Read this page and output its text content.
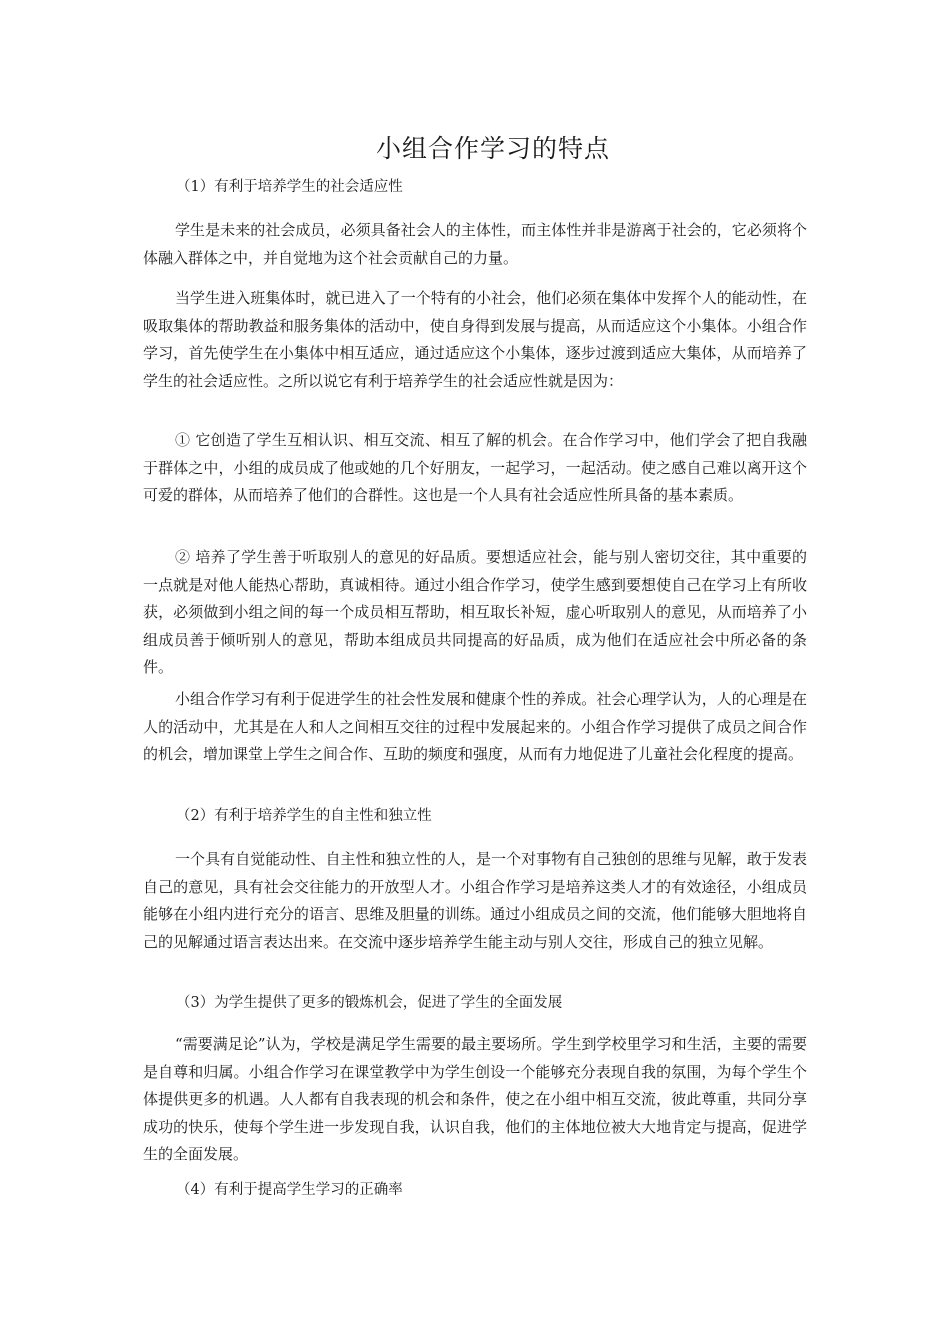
小组合作学习的特点

（1）有利于培养学生的社会适应性

学生是未来的社会成员，必须具备社会人的主体性，而主体性并非是游离于社会的，它必须将个体融入群体之中，并自觉地为这个社会贡献自己的力量。

当学生进入班集体时，就已进入了一个特有的小社会，他们必须在集体中发挥个人的能动性，在吸取集体的帮助教益和服务集体的活动中，使自身得到发展与提高，从而适应这个小集体。小组合作学习，首先使学生在小集体中相互适应，通过适应这个小集体，逐步过渡到适应大集体，从而培养了学生的社会适应性。之所以说它有利于培养学生的社会适应性就是因为：

① 它创造了学生互相认识、相互交流、相互了解的机会。在合作学习中，他们学会了把自我融于群体之中，小组的成员成了他或她的几个好朋友，一起学习，一起活动。使之感自己难以离开这个可爱的群体，从而培养了他们的合群性。这也是一个人具有社会适应性所具备的基本素质。

② 培养了学生善于听取别人的意见的好品质。要想适应社会，能与别人密切交往，其中重要的一点就是对他人能热心帮助，真诚相待。通过小组合作学习，使学生感到要想使自己在学习上有所收获，必须做到小组之间的每一个成员相互帮助，相互取长补短，虚心听取别人的意见，从而培养了小组成员善于倾听别人的意见，帮助本组成员共同提高的好品质，成为他们在适应社会中所必备的条件。

小组合作学习有利于促进学生的社会性发展和健康个性的养成。社会心理学认为，人的心理是在人的活动中，尤其是在人和人之间相互交往的过程中发展起来的。小组合作学习提供了成员之间合作的机会，增加课堂上学生之间合作、互助的频度和强度，从而有力地促进了儿童社会化程度的提高。

（2）有利于培养学生的自主性和独立性

一个具有自觉能动性、自主性和独立性的人，是一个对事物有自己独创的思维与见解，敢于发表自己的意见，具有社会交往能力的开放型人才。小组合作学习是培养这类人才的有效途径，小组成员能够在小组内进行充分的语言、思维及胆量的训练。通过小组成员之间的交流，他们能够大胆地将自己的见解通过语言表达出来。在交流中逐步培养学生能主动与别人交往，形成自己的独立见解。

（3）为学生提供了更多的锻炼机会，促进了学生的全面发展

“需要满足论”认为，学校是满足学生需要的最主要场所。学生到学校里学习和生活，主要的需要是自尊和归属。小组合作学习在课堂教学中为学生创设一个能够充分表现自我的氛围，为每个学生个体提供更多的机遇。人人都有自我表现的机会和条件，使之在小组中相互交流，彼此尊重，共同分享成功的快乐，使每个学生进一步发现自我，认识自我，他们的主体地位被大大地肯定与提高，促进学生的全面发展。

（4）有利于提高学生学习的正确率
